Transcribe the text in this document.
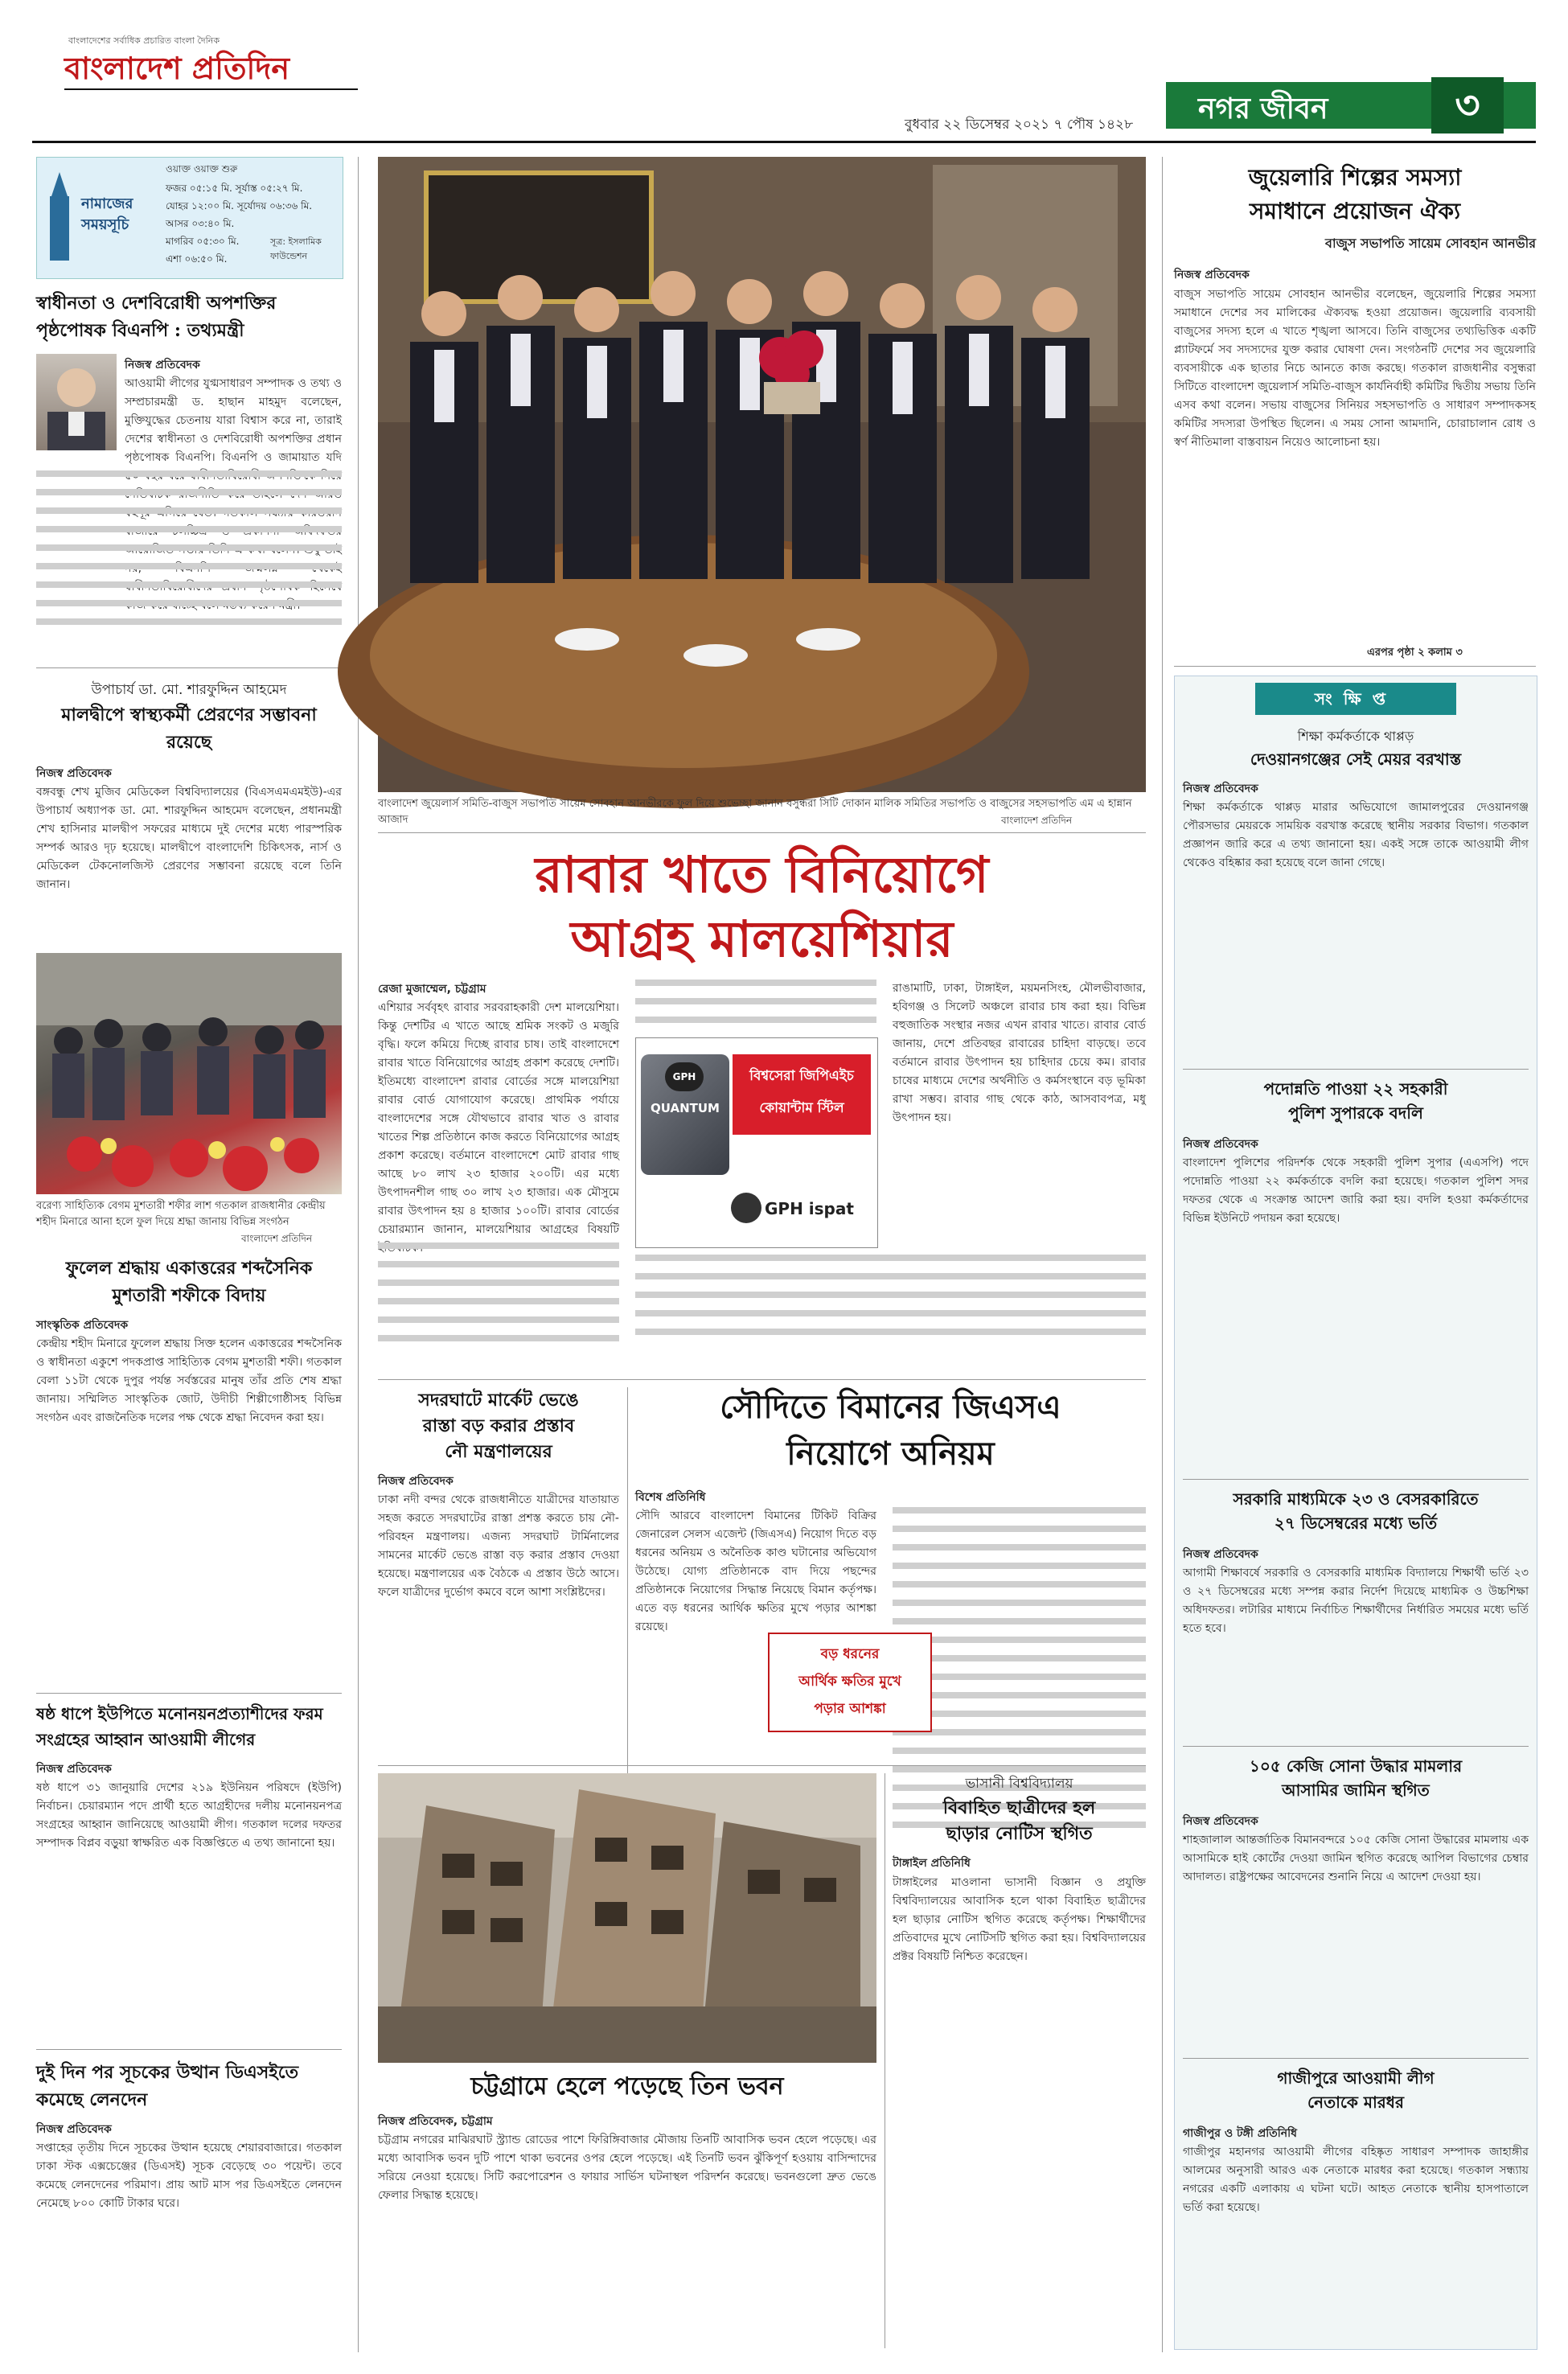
বাংলাদেশের সর্বাধিক প্রচারিত বাংলা দৈনিক
বাংলাদেশ প্রতিদিন
বুধবার ২২ ডিসেম্বর ২০২১ ৭ পৌষ ১৪২৮ নগর জীবন	৩
নামাজের সময়সূচি
ওয়াক্ত ওয়াক্ত শুরু
ফজর ০৫:১৫ মি. সূর্যাস্ত ০৫:২৭ মি.
যোহর ১২:০০ মি. সূর্যোদয় ০৬:৩৬ মি.
আসর ০৩:৪০ মি.
মাগরিব ০৫:৩০ মি.
এশা ০৬:৫০ মি.
সূত্র: ইসলামিক ফাউন্ডেশন
স্বাধীনতা ও দেশবিরোধী অপশক্তির পৃষ্ঠপোষক বিএনপি : তথ্যমন্ত্রী
নিজস্ব প্রতিবেদক
আওয়ামী লীগের যুগ্মসাধারণ সম্পাদক ও তথ্য ও সম্প্রচারমন্ত্রী ড. হাছান মাহমুদ বলেছেন, মুক্তিযুদ্ধের চেতনায় যারা বিশ্বাস করে না, তারাই দেশের স্বাধীনতা ও দেশবিরোধী অপশক্তির প্রধান পৃষ্ঠপোষক বিএনপি। বিএনপি ও জামায়াত যদি
উপাচার্য ডা. মো. শারফুদ্দিন আহমেদ
মালদ্বীপে স্বাস্থ্যকর্মী প্রেরণের সম্ভাবনা রয়েছে
নিজস্ব প্রতিবেদক
বঙ্গবন্ধু শেখ মুজিব মেডিকেল বিশ্ববিদ্যালয়ের (বিএসএমএমইউ)-এর উপাচার্য অধ্যাপক ডা. মো. শারফুদ্দিন আহমেদ বলেছেন, প্রধানমন্ত্রী শেখ হাসিনার মালদ্বীপ সফরের মাধ্যমে দুই দেশের মধ্যে পারস্পরিক সম্পর্ক আরও দৃঢ় হয়েছে। মালদ্বীপে বাংলাদেশি চিকিৎসক, নার্স ও মেডিকেল টেকনোলজিস্ট প্রেরণের সম্ভাবনা রয়েছে বলে তিনি জানান।
বরেণ্য সাহিত্যিক বেগম মুশতারী শফীর লাশ গতকাল রাজধানীর কেন্দ্রীয় শহীদ মিনারে আনা হলে ফুল দিয়ে শ্রদ্ধা জানায় বিভিন্ন সংগঠন
বাংলাদেশ প্রতিদিন
ফুলেল শ্রদ্ধায় একাত্তরের শব্দসৈনিক মুশতারী শফীকে বিদায়
সাংস্কৃতিক প্রতিবেদক
কেন্দ্রীয় শহীদ মিনারে ফুলেল শ্রদ্ধায় সিক্ত হলেন একাত্তরের শব্দসৈনিক ও স্বাধীনতা একুশে পদকপ্রাপ্ত সাহিত্যিক বেগম মুশতারী শফী। গতকাল বেলা ১১টা থেকে দুপুর পর্যন্ত সর্বস্তরের মানুষ তাঁর প্রতি শেষ শ্রদ্ধা জানায়। সম্মিলিত সাংস্কৃতিক জোট, উদীচী শিল্পীগোষ্ঠীসহ বিভিন্ন সংগঠন এবং রাজনৈতিক দলের পক্ষ থেকে শ্রদ্ধা নিবেদন করা হয়।
ষষ্ঠ ধাপে ইউপিতে মনোনয়নপ্রত্যাশীদের ফরম সংগ্রহের আহ্বান আওয়ামী লীগের
নিজস্ব প্রতিবেদক
ষষ্ঠ ধাপে ৩১ জানুয়ারি দেশের ২১৯ ইউনিয়ন পরিষদে (ইউপি) নির্বাচন। চেয়ারম্যান পদে প্রার্থী হতে আগ্রহীদের দলীয় মনোনয়নপত্র সংগ্রহের আহ্বান জানিয়েছে আওয়ামী লীগ। গতকাল দলের দফতর সম্পাদক বিপ্লব বড়ুয়া স্বাক্ষরিত এক বিজ্ঞপ্তিতে এ তথ্য জানানো হয়।
দুই দিন পর সূচকের উত্থান ডিএসইতে কমেছে লেনদেন
নিজস্ব প্রতিবেদক
সপ্তাহের তৃতীয় দিনে সূচকের উত্থান হয়েছে শেয়ারবাজারে। গতকাল ঢাকা স্টক এক্সচেঞ্জের (ডিএসই) সূচক বেড়েছে ৩০ পয়েন্ট। তবে কমেছে লেনদেনের পরিমাণ। প্রায় আট মাস পর ডিএসইতে লেনদেন নেমেছে ৮০০ কোটি টাকার ঘরে।
বাংলাদেশ জুয়েলার্স সমিতি-বাজুস সভাপতি সায়েম সোবহান আনভীরকে ফুল দিয়ে শুভেচ্ছা জানান বসুন্ধরা সিটি দোকান মালিক সমিতির সভাপতি ও বাজুসের সহসভাপতি এম এ হান্নান আজাদ	বাংলাদেশ প্রতিদিন
রাবার খাতে বিনিয়োগে
আগ্রহ মালয়েশিয়ার
রেজা মুজাম্মেল, চট্টগ্রাম
এশিয়ার সর্ববৃহৎ রাবার সরবরাহকারী দেশ মালয়েশিয়া। কিন্তু দেশটির এ খাতে আছে শ্রমিক সংকট ও মজুরি বৃদ্ধি। ফলে কমিয়ে দিচ্ছে রাবার চাষ। তাই বাংলাদেশে রাবার খাতে বিনিয়োগের আগ্রহ প্রকাশ করেছে দেশটি। ইতিমধ্যে বাংলাদেশ রাবার বোর্ডের সঙ্গে মালয়েশিয়া রাবার বোর্ড যোগাযোগ করেছে। প্রাথমিক পর্যায়ে বাংলাদেশের সঙ্গে যৌথভাবে রাবার খাত ও রাবার খাতের শিল্প প্রতিষ্ঠানে কাজ করতে বিনিয়োগের আগ্রহ প্রকাশ করেছে। বর্তমানে বাংলাদেশে মোট রাবার গাছ আছে ৮০ লাখ ২৩ হাজার ২০০টি। এর মধ্যে উৎপাদনশীল গাছ ৩০ লাখ ২৩ হাজার। এক মৌসুমে রাবার উৎপাদন হয় ৪ হাজার ১০০টি। রাবার বোর্ডের চেয়ারম্যান জানান, মালয়েশিয়ার আগ্রহের বিষয়টি
রাঙামাটি, ঢাকা, টাঙ্গাইল, ময়মনসিংহ, মৌলভীবাজার, হবিগঞ্জ ও সিলেট অঞ্চলে রাবার চাষ করা হয়। বিভিন্ন বহুজাতিক সংস্থার নজর এখন রাবার খাতে। রাবার বোর্ড জানায়, দেশে প্রতিবছর রাবারের চাহিদা বাড়ছে। তবে বর্তমানে রাবার উৎপাদন হয় চাহিদার চেয়ে কম। রাবার চাষের মাধ্যমে দেশের অর্থনীতি ও কর্মসংস্থানে বড় ভূমিকা রাখা সম্ভব। রাবার গাছ থেকে কাঠ, আসবাবপত্র, মধু উৎপাদন হয়।
QUANTUM
GPH	বিশ্বসেরা জিপিএইচ
কোয়ান্টাম স্টিল
GPH ispat
সদরঘাটে মার্কেট ভেঙে
রাস্তা বড় করার প্রস্তাব
নৌ মন্ত্রণালয়ের
নিজস্ব প্রতিবেদক
ঢাকা নদী বন্দর থেকে রাজধানীতে যাত্রীদের যাতায়াত সহজ করতে সদরঘাটের রাস্তা প্রশস্ত করতে চায় নৌ-পরিবহন মন্ত্রণালয়। এজন্য সদরঘাট টার্মিনালের সামনের মার্কেট ভেঙে রাস্তা বড় করার প্রস্তাব দেওয়া হয়েছে। মন্ত্রণালয়ের এক বৈঠকে এ প্রস্তাব উঠে আসে। ফলে যাত্রীদের দুর্ভোগ কমবে বলে আশা সংশ্লিষ্টদের।
সৌদিতে বিমানের জিএসএ
নিয়োগে অনিয়ম
বিশেষ প্রতিনিধি
সৌদি আরবে বাংলাদেশ বিমানের টিকিট বিক্রির জেনারেল সেলস এজেন্ট (জিএসএ) নিয়োগ দিতে বড় ধরনের অনিয়ম ও অনৈতিক কাণ্ড ঘটানোর অভিযোগ উঠেছে। যোগ্য প্রতিষ্ঠানকে বাদ দিয়ে পছন্দের প্রতিষ্ঠানকে নিয়োগের সিদ্ধান্ত নিয়েছে বিমান কর্তৃপক্ষ। এতে বড় ধরনের আর্থিক ক্ষতির মুখে পড়ার আশঙ্কা রয়েছে।
বড় ধরনের
আর্থিক ক্ষতির মুখে
পড়ার আশঙ্কা
ভাসানী বিশ্ববিদ্যালয়
বিবাহিত ছাত্রীদের হল
ছাড়ার নোটিস স্থগিত
টাঙ্গাইল প্রতিনিধি
টাঙ্গাইলের মাওলানা ভাসানী বিজ্ঞান ও প্রযুক্তি বিশ্ববিদ্যালয়ের আবাসিক হলে থাকা বিবাহিত ছাত্রীদের হল ছাড়ার নোটিস স্থগিত করেছে কর্তৃপক্ষ। শিক্ষার্থীদের প্রতিবাদের মুখে নোটিসটি স্থগিত করা হয়। বিশ্ববিদ্যালয়ের প্রক্টর বিষয়টি নিশ্চিত করেছেন।
চট্টগ্রামে হেলে পড়েছে তিন ভবন
নিজস্ব প্রতিবেদক, চট্টগ্রাম
চট্টগ্রাম নগরের মাঝিরঘাট স্ট্র্যান্ড রোডের পাশে ফিরিঙ্গিবাজার মৌজায় তিনটি আবাসিক ভবন হেলে পড়েছে। এর মধ্যে আবাসিক ভবন দুটি পাশে থাকা ভবনের ওপর হেলে পড়েছে। এই তিনটি ভবন ঝুঁকিপূর্ণ হওয়ায় বাসিন্দাদের সরিয়ে নেওয়া হয়েছে। সিটি করপোরেশন ও ফায়ার সার্ভিস ঘটনাস্থল পরিদর্শন করেছে। ভবনগুলো দ্রুত ভেঙে ফেলার সিদ্ধান্ত হয়েছে।
জুয়েলারি শিল্পের সমস্যা
সমাধানে প্রয়োজন ঐক্য
বাজুস সভাপতি সায়েম সোবহান আনভীর
নিজস্ব প্রতিবেদক
বাজুস সভাপতি সায়েম সোবহান আনভীর বলেছেন, জুয়েলারি শিল্পের সমস্যা সমাধানে দেশের সব মালিকের ঐক্যবদ্ধ হওয়া প্রয়োজন। জুয়েলারি ব্যবসায়ী বাজুসের সদস্য হলে এ খাতে শৃঙ্খলা আসবে। তিনি বাজুসের তথ্যভিত্তিক একটি প্ল্যাটফর্মে সব সদস্যদের যুক্ত করার ঘোষণা দেন। সংগঠনটি দেশের সব জুয়েলারি ব্যবসায়ীকে এক ছাতার নিচে আনতে কাজ করছে। গতকাল রাজধানীর বসুন্ধরা সিটিতে বাংলাদেশ জুয়েলার্স সমিতি-বাজুস কার্যনির্বাহী কমিটির দ্বিতীয় সভায় তিনি এসব কথা বলেন। সভায় বাজুসের সিনিয়র সহসভাপতি ও সাধারণ সম্পাদকসহ কমিটির সদস্যরা উপস্থিত ছিলেন। এ সময় সোনা আমদানি, চোরাচালান রোধ ও স্বর্ণ নীতিমালা বাস্তবায়ন নিয়েও আলোচনা হয়।
এরপর পৃষ্ঠা ২ কলাম ৩
সংক্ষিপ্ত
শিক্ষা কর্মকর্তাকে থাপ্পড়
দেওয়ানগঞ্জের সেই মেয়র বরখাস্ত
নিজস্ব প্রতিবেদক
শিক্ষা কর্মকর্তাকে থাপ্পড় মারার অভিযোগে জামালপুরের দেওয়ানগঞ্জ পৌরসভার মেয়রকে সাময়িক বরখাস্ত করেছে স্থানীয় সরকার বিভাগ। গতকাল প্রজ্ঞাপন জারি করে এ তথ্য জানানো হয়। একই সঙ্গে তাকে আওয়ামী লীগ থেকেও বহিষ্কার করা হয়েছে বলে জানা গেছে।
পদোন্নতি পাওয়া ২২ সহকারী
পুলিশ সুপারকে বদলি
নিজস্ব প্রতিবেদক
বাংলাদেশ পুলিশের পরিদর্শক থেকে সহকারী পুলিশ সুপার (এএসপি) পদে পদোন্নতি পাওয়া ২২ কর্মকর্তাকে বদলি করা হয়েছে। গতকাল পুলিশ সদর দফতর থেকে এ সংক্রান্ত আদেশ জারি করা হয়। বদলি হওয়া কর্মকর্তাদের বিভিন্ন ইউনিটে পদায়ন করা হয়েছে।
সরকারি মাধ্যমিকে ২৩ ও বেসরকারিতে
২৭ ডিসেম্বরের মধ্যে ভর্তি
নিজস্ব প্রতিবেদক
আগামী শিক্ষাবর্ষে সরকারি ও বেসরকারি মাধ্যমিক বিদ্যালয়ে শিক্ষার্থী ভর্তি ২৩ ও ২৭ ডিসেম্বরের মধ্যে সম্পন্ন করার নির্দেশ দিয়েছে মাধ্যমিক ও উচ্চশিক্ষা অধিদফতর। লটারির মাধ্যমে নির্বাচিত শিক্ষার্থীদের নির্ধারিত সময়ের মধ্যে ভর্তি হতে হবে।
১০৫ কেজি সোনা উদ্ধার মামলার
আসামির জামিন স্থগিত
নিজস্ব প্রতিবেদক
শাহজালাল আন্তর্জাতিক বিমানবন্দরে ১০৫ কেজি সোনা উদ্ধারের মামলায় এক আসামিকে হাই কোর্টের দেওয়া জামিন স্থগিত করেছে আপিল বিভাগের চেম্বার আদালত। রাষ্ট্রপক্ষের আবেদনের শুনানি নিয়ে এ আদেশ দেওয়া হয়।
গাজীপুরে আওয়ামী লীগ
নেতাকে মারধর
গাজীপুর ও টঙ্গী প্রতিনিধি
গাজীপুর মহানগর আওয়ামী লীগের বহিষ্কৃত সাধারণ সম্পাদক জাহাঙ্গীর আলমের অনুসারী আরও এক নেতাকে মারধর করা হয়েছে। গতকাল সন্ধ্যায় নগরের একটি এলাকায় এ ঘটনা ঘটে। আহত নেতাকে স্থানীয় হাসপাতালে ভর্তি করা হয়েছে।
